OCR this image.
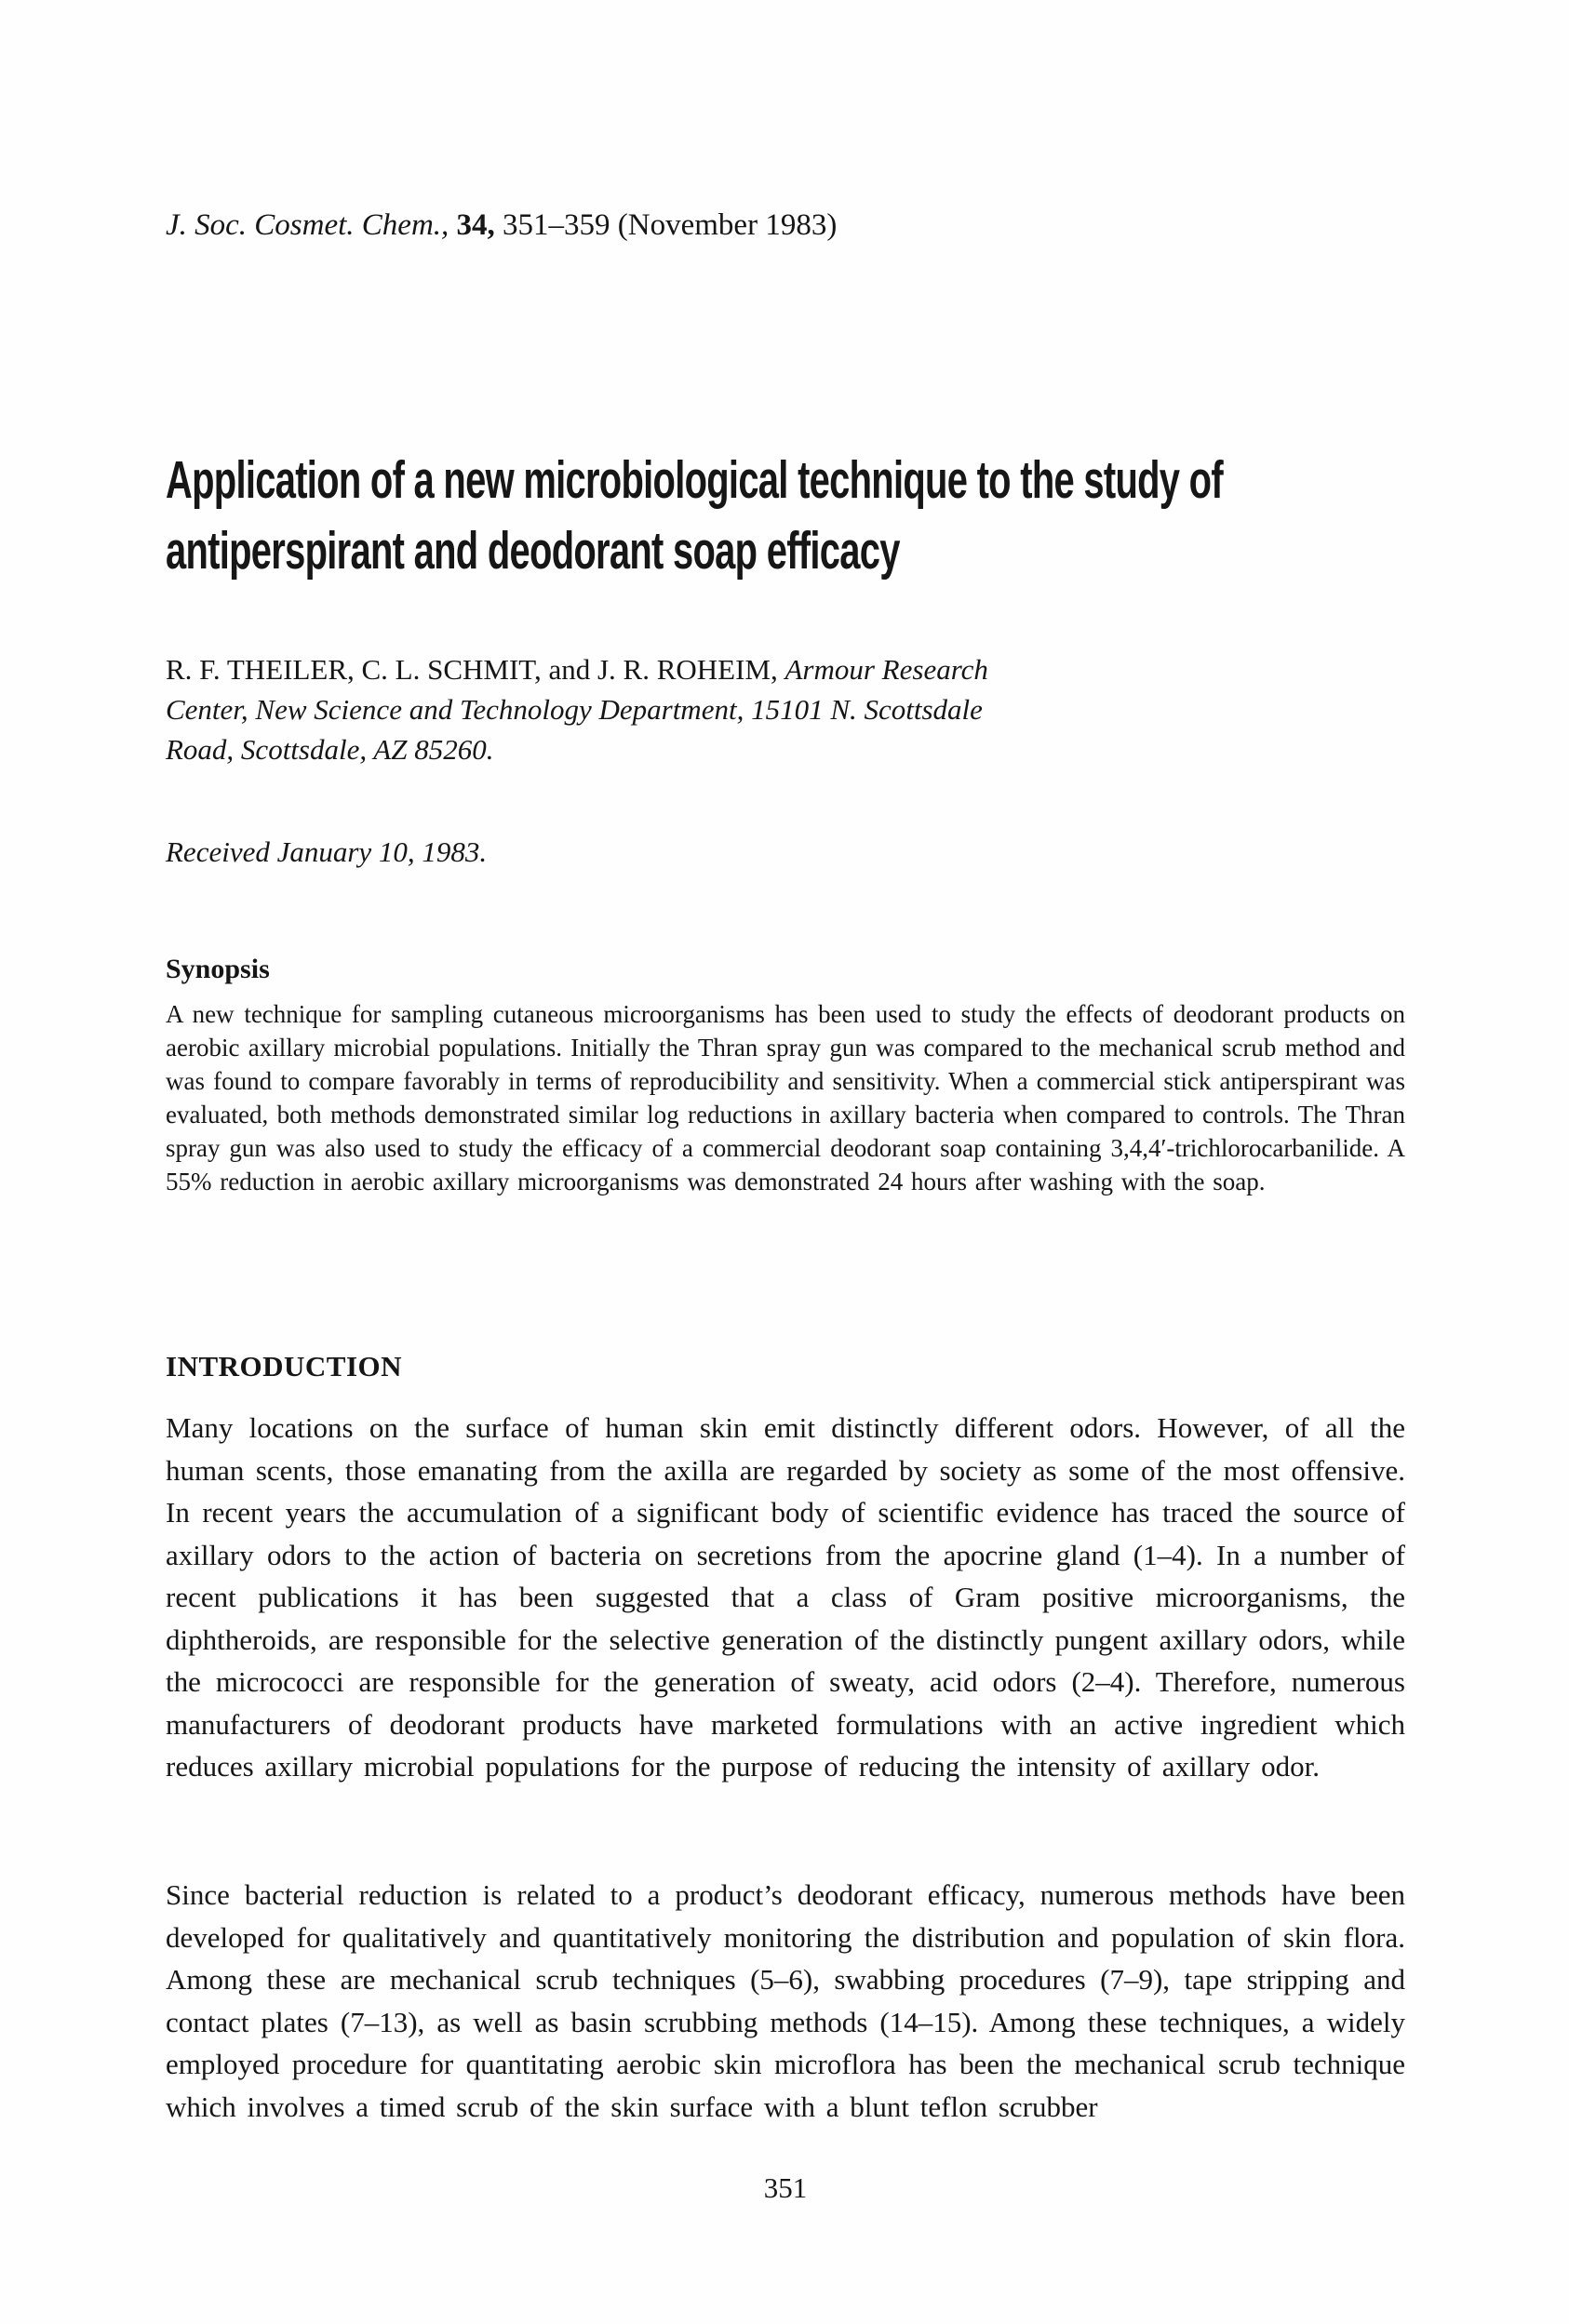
J. Soc. Cosmet. Chem., 34, 351–359 (November 1983)
Application of a new microbiological technique to the study of
antiperspirant and deodorant soap efficacy
R. F. THEILER, C. L. SCHMIT, and J. R. ROHEIM, Armour Research Center, New Science and Technology Department, 15101 N. Scottsdale Road, Scottsdale, AZ 85260.
Received January 10, 1983.
Synopsis
A new technique for sampling cutaneous microorganisms has been used to study the effects of deodorant products on aerobic axillary microbial populations. Initially the Thran spray gun was compared to the mechanical scrub method and was found to compare favorably in terms of reproducibility and sensitivity. When a commercial stick antiperspirant was evaluated, both methods demonstrated similar log reductions in axillary bacteria when compared to controls. The Thran spray gun was also used to study the efficacy of a commercial deodorant soap containing 3,4,4′-trichlorocarbanilide. A 55% reduction in aerobic axillary microorganisms was demonstrated 24 hours after washing with the soap.
INTRODUCTION
Many locations on the surface of human skin emit distinctly different odors. However, of all the human scents, those emanating from the axilla are regarded by society as some of the most offensive. In recent years the accumulation of a significant body of scientific evidence has traced the source of axillary odors to the action of bacteria on secretions from the apocrine gland (1–4). In a number of recent publications it has been suggested that a class of Gram positive microorganisms, the diphtheroids, are responsible for the selective generation of the distinctly pungent axillary odors, while the micrococci are responsible for the generation of sweaty, acid odors (2–4). Therefore, numerous manufacturers of deodorant products have marketed formulations with an active ingredient which reduces axillary microbial populations for the purpose of reducing the intensity of axillary odor.
Since bacterial reduction is related to a product’s deodorant efficacy, numerous methods have been developed for qualitatively and quantitatively monitoring the distribution and population of skin flora. Among these are mechanical scrub techniques (5–6), swabbing procedures (7–9), tape stripping and contact plates (7–13), as well as basin scrubbing methods (14–15). Among these techniques, a widely employed procedure for quantitating aerobic skin microflora has been the mechanical scrub technique which involves a timed scrub of the skin surface with a blunt teflon scrubber
351
